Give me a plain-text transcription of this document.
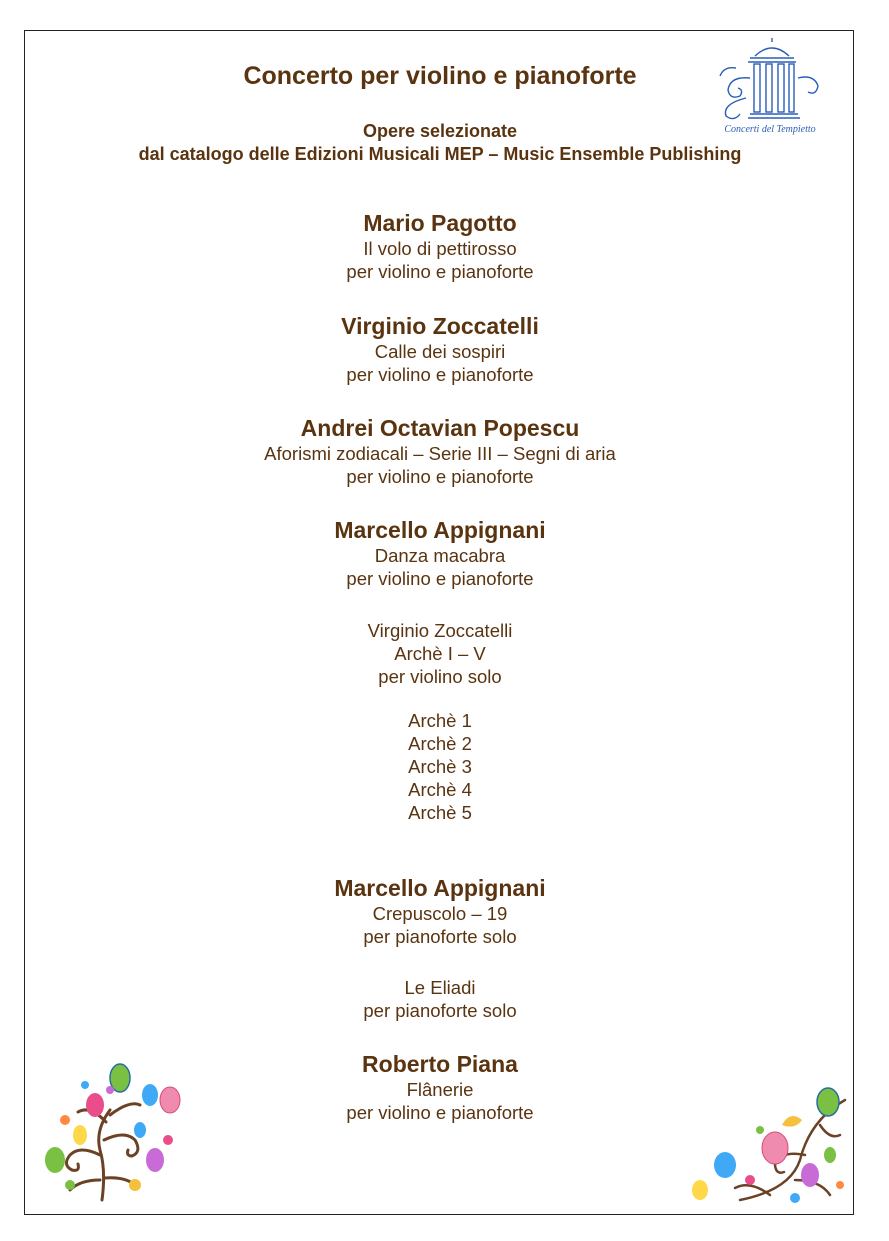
Concerti del Tempietto
Concerto per violino e pianoforte
Opere selezionate
dal catalogo delle Edizioni Musicali MEP – Music Ensemble Publishing
Mario Pagotto
Il volo di pettirosso
per violino e pianoforte
Virginio Zoccatelli
Calle dei sospiri
per violino e pianoforte
Andrei Octavian Popescu
Aforismi zodiacali – Serie III – Segni di aria
per violino e pianoforte
Marcello Appignani
Danza macabra
per violino e pianoforte
Virginio Zoccatelli
Archè I – V
per violino solo
Archè 1
Archè 2
Archè 3
Archè 4
Archè 5
Marcello Appignani
Crepuscolo – 19
per pianoforte solo
Le Eliadi
per pianoforte solo
Roberto Piana
Flânerie
per violino e pianoforte
